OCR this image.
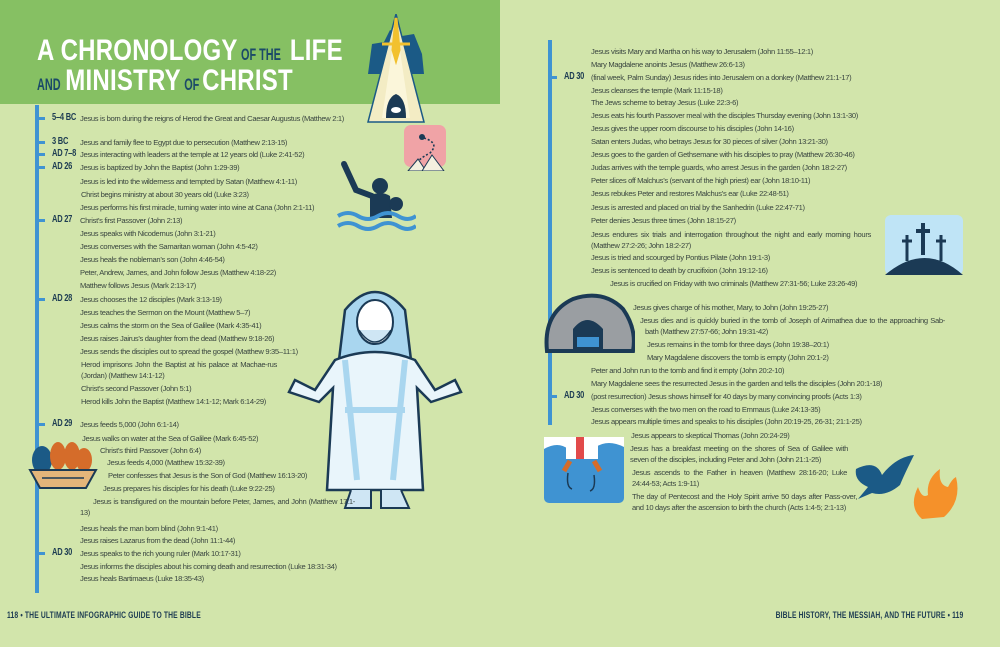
A CHRONOLOGY OF THE LIFE
AND MINISTRY OF CHRIST
Jesus is born during the reigns of Herod the Great and Caesar Augustus (Matthew 2:1)
5–4 BC
Jesus and family flee to Egypt due to persecution (Matthew 2:13-15)
3 BC
Jesus interacting with leaders at the temple at 12 years old (Luke 2:41-52)
AD 7–8
Jesus is baptized by John the Baptist (John 1:29-39)
AD 26
Jesus is led into the wilderness and tempted by Satan (Matthew 4:1-11)
Christ begins ministry at about 30 years old (Luke 3:23)
Jesus performs his first miracle, turning water into wine at Cana (John 2:1-11)
Christ’s first Passover (John 2:13)
AD 27
Jesus speaks with Nicodemus (John 3:1-21)
Jesus converses with the Samaritan woman (John 4:5-42)
Jesus heals the nobleman’s son (John 4:46-54)
Peter, Andrew, James, and John follow Jesus (Matthew 4:18-22)
Matthew follows Jesus (Mark 2:13-17)
Jesus chooses the 12 disciples (Mark 3:13-19)
AD 28
Jesus teaches the Sermon on the Mount (Matthew 5–7)
Jesus calms the storm on the Sea of Galilee (Mark 4:35-41)
Jesus raises Jairus’s daughter from the dead (Matthew 9:18-26)
Jesus sends the disciples out to spread the gospel (Matthew 9:35–11:1)
Herod imprisons John the Baptist at his palace at Machae-rus (Jordan) (Matthew 14:1-12)
Christ’s second Passover (John 5:1)
Herod kills John the Baptist (Matthew 14:1-12; Mark 6:14-29)
Jesus feeds 5,000 (John 6:1-14)
AD 29
Jesus walks on water at the Sea of Galilee (Mark 6:45-52)
Christ’s third Passover (John 6:4)
Jesus feeds 4,000 (Matthew 15:32-39)
Peter confesses that Jesus is the Son of God (Matthew 16:13-20)
Jesus prepares his disciples for his death (Luke 9:22-25)
Jesus is transfigured on the mountain before Peter, James, and John (Matthew 17:1-13)
Jesus heals the man born blind (John 9:1-41)
Jesus raises Lazarus from the dead (John 11:1-44)
Jesus speaks to the rich young ruler (Mark 10:17-31)
AD 30
Jesus informs the disciples about his coming death and resurrection (Luke 18:31-34)
Jesus heals Bartimaeus (Luke 18:35-43)
Jesus visits Mary and Martha on his way to Jerusalem (John 11:55–12:1)
Mary Magdalene anoints Jesus (Matthew 26:6-13)
(final week, Palm Sunday) Jesus rides into Jerusalem on a donkey (Matthew 21:1-17)
AD 30
Jesus cleanses the temple (Mark 11:15-18)
The Jews scheme to betray Jesus (Luke 22:3-6)
Jesus eats his fourth Passover meal with the disciples Thursday evening (John 13:1-30)
Jesus gives the upper room discourse to his disciples (John 14-16)
Satan enters Judas, who betrays Jesus for 30 pieces of silver (John 13:21-30)
Jesus goes to the garden of Gethsemane with his disciples to pray (Matthew 26:30-46)
Judas arrives with the temple guards, who arrest Jesus in the garden (John 18:2-27)
Peter slices off Malchus’s (servant of the high priest) ear (John 18:10-11)
Jesus rebukes Peter and restores Malchus’s ear (Luke 22:48-51)
Jesus is arrested and placed on trial by the Sanhedrin (Luke 22:47-71)
Peter denies Jesus three times (John 18:15-27)
Jesus endures six trials and interrogation throughout the night and early morning hours (Matthew 27:2-26; John 18:2-27)
Jesus is tried and scourged by Pontius Pilate (John 19:1-3)
Jesus is sentenced to death by crucifixion (John 19:12-16)
Jesus is crucified on Friday with two criminals (Matthew 27:31-56; Luke 23:26-49)
Jesus gives charge of his mother, Mary, to John (John 19:25-27)
Jesus dies and is quickly buried in the tomb of Joseph of Arimathea due to the approaching Sab-bath (Matthew 27:57-66; John 19:31-42)
Jesus remains in the tomb for three days (John 19:38–20:1)
Mary Magdalene discovers the tomb is empty (John 20:1-2)
Peter and John run to the tomb and find it empty (John 20:2-10)
Mary Magdalene sees the resurrected Jesus in the garden and tells the disciples (John 20:1-18)
(post resurrection) Jesus shows himself for 40 days by many convincing proofs (Acts 1:3)
AD 30
Jesus converses with the two men on the road to Emmaus (Luke 24:13-35)
Jesus appears multiple times and speaks to his disciples (John 20:19-25, 26-31; 21:1-25)
Jesus appears to skeptical Thomas (John 20:24-29)
Jesus has a breakfast meeting on the shores of Sea of Galilee with seven of the disciples, including Peter and John (John 21:1-25)
Jesus ascends to the Father in heaven (Matthew 28:16-20; Luke 24:44-53; Acts 1:9-11)
The day of Pentecost and the Holy Spirit arrive 50 days after Pass-over, and 10 days after the ascension to birth the church (Acts 1:4-5; 2:1-13)
118 • THE ULTIMATE INFOGRAPHIC GUIDE TO THE BIBLE	BIBLE HISTORY, THE MESSIAH, AND THE FUTURE • 119
